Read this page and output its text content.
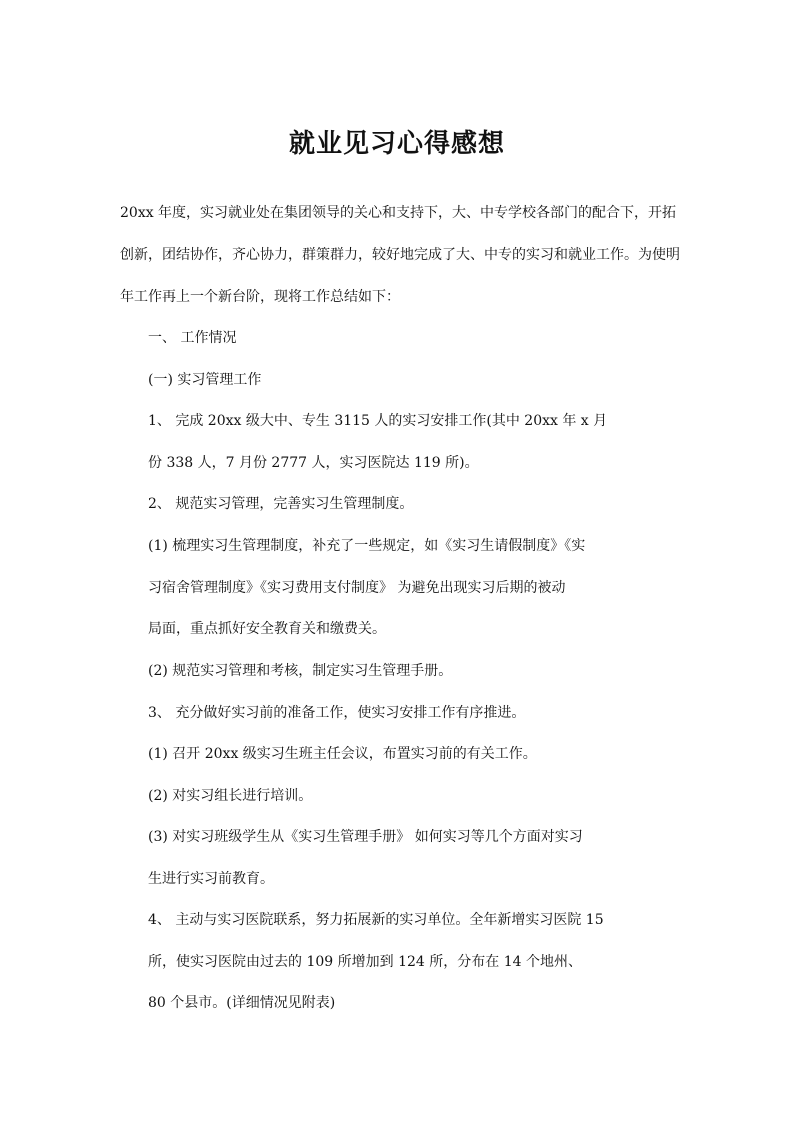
就业见习心得感想
20xx 年度，实习就业处在集团领导的关心和支持下，大、中专学校各部门的配合下，开拓
创新，团结协作，齐心协力，群策群力，较好地完成了大、中专的实习和就业工作。为使明
年工作再上一个新台阶，现将工作总结如下：
一、 工作情况
(一) 实习管理工作
1、 完成 20xx 级大中、专生 3115 人的实习安排工作(其中 20xx 年 x 月
份 338 人，7 月份 2777 人，实习医院达 119 所)。
2、 规范实习管理，完善实习生管理制度。
(1) 梳理实习生管理制度，补充了一些规定，如《实习生请假制度》《实
习宿舍管理制度》《实习费用支付制度》 为避免出现实习后期的被动
局面，重点抓好安全教育关和缴费关。
(2) 规范实习管理和考核，制定实习生管理手册。
3、 充分做好实习前的准备工作，使实习安排工作有序推进。
(1) 召开 20xx 级实习生班主任会议，布置实习前的有关工作。
(2) 对实习组长进行培训。
(3) 对实习班级学生从《实习生管理手册》 如何实习等几个方面对实习
生进行实习前教育。
4、 主动与实习医院联系，努力拓展新的实习单位。全年新增实习医院 15
所，使实习医院由过去的 109 所增加到 124 所，分布在 14 个地州、
80 个县市。(详细情况见附表)
